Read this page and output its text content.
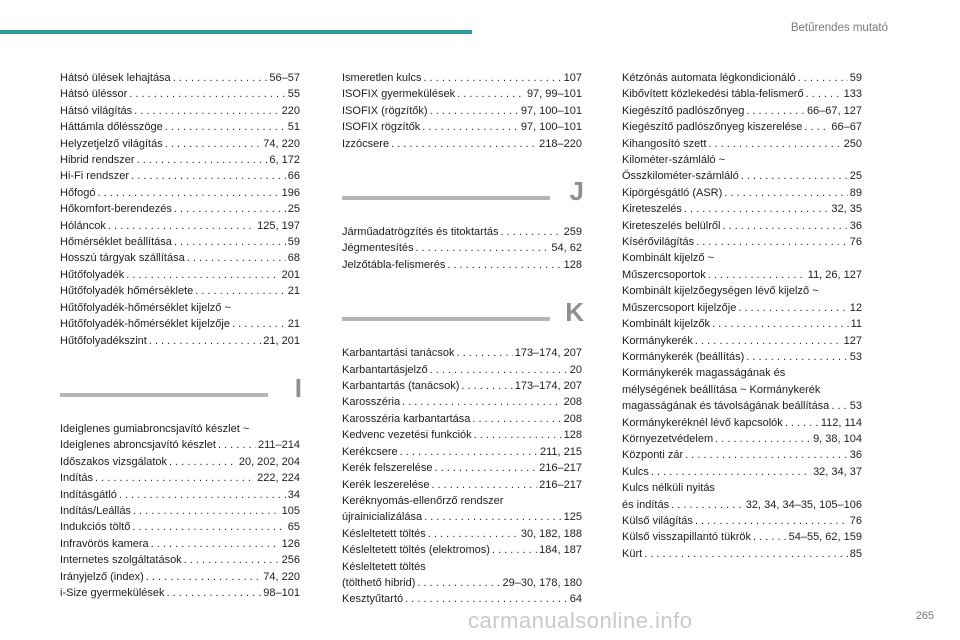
Betűrendes mutató
Hátsó ülések lehajtása . . .	56–57
Hátsó üléssor . . .	55
Hátsó világítás . . .	220
Háttámla dőlésszöge . . .	51
Helyzetjelző világítás . . .	74, 220
Hibrid rendszer . . .	6, 172
Hi-Fi rendszer . . .	66
Hőfogó . . .	196
Hőkomfort-berendezés . . .	25
Hóláncok . . .	125, 197
Hőmérséklet beállítása . . .	59
Hosszú tárgyak szállítása . . .	68
Hűtőfolyadék . . .	201
Hűtőfolyadék hőmérséklete . . .	21
Hűtőfolyadék-hőmérséklet kijelző ~
Hűtőfolyadék-hőmérséklet kijelzője . . .	21
Hűtőfolyadékszint . . .	21, 201
I
Ideiglenes gumiabroncsjavító készlet ~
Ideiglenes abroncsjavító készlet . . .	211–214
Időszakos vizsgálatok . . .	20, 202, 204
Indítás . . .	222, 224
Indításgátló . . .	34
Indítás/Leállás . . .	105
Indukciós töltő . . .	65
Infravörös kamera . . .	126
Internetes szolgáltatások . . .	256
Irányjelző (index) . . .	74, 220
i-Size gyermekülések . . .	98–101
Ismeretlen kulcs . . .	107
ISOFIX gyermekülések . . .	97, 99–101
ISOFIX (rögzítők) . . .	97, 100–101
ISOFIX rögzítők . . .	97, 100–101
Izzócsere . . .	218–220
J
Járműadatrögzítés és titoktartás . . .	259
Jégmentesítés . . .	54, 62
Jelzőtábla-felismerés . . .	128
K
Karbantartási tanácsok . . .	173–174, 207
Karbantartásjelző . . .	20
Karbantartás (tanácsok) . . .	173–174, 207
Karosszéria . . .	208
Karosszéria karbantartása . . .	208
Kedvenc vezetési funkciók . . .	128
Kerékcsere . . .	211, 215
Kerék felszerelése . . .	216–217
Kerék leszerelése . . .	216–217
Keréknyomás-ellenőrző rendszer
újrainicializálása . . .	125
Késleltetett töltés . . .	30, 182, 188
Késleltetett töltés (elektromos) . . .	184, 187
Késleltetett töltés
(tölthető hibrid) . . .	29–30, 178, 180
Kesztyűtartó . . .	64
Kétzónás automata légkondicionáló . . .	59
Kibővített közlekedési tábla-felismerő . . .	133
Kiegészítő padlószőnyeg . . .	66–67, 127
Kiegészítő padlószőnyeg kiszerelése . . .	66–67
Kihangosító szett . . .	250
Kilométer-számláló ~
Összkilométer-számláló . . .	25
Kipörgésgátló (ASR) . . .	89
Kireteszelés . . .	32, 35
Kireteszelés belülről . . .	36
Kísérővilágítás . . .	76
Kombinált kijelző ~
Műszercsoportok . . .	11, 26, 127
Kombinált kijelzőegységen lévő kijelző ~
Műszercsoport kijelzője . . .	12
Kombinált kijelzők . . .	11
Kormánykerék . . .	127
Kormánykerék (beállítás) . . .	53
Kormánykerék magasságának és
mélységének beállítása ~ Kormánykerék
magasságának és távolságának beállítása . . . 53
Kormánykeréknél lévő kapcsolók . . .	112, 114
Környezetvédelem . . .	9, 38, 104
Központi zár . . .	36
Kulcs . . .	32, 34, 37
Kulcs nélküli nyitás
és indítás . . .	32, 34, 34–35, 105–106
Külső világítás . . .	76
Külső visszapillantó tükrök . . .	54–55, 62, 159
Kürt . . .	85
265
carmanualsonline.info
